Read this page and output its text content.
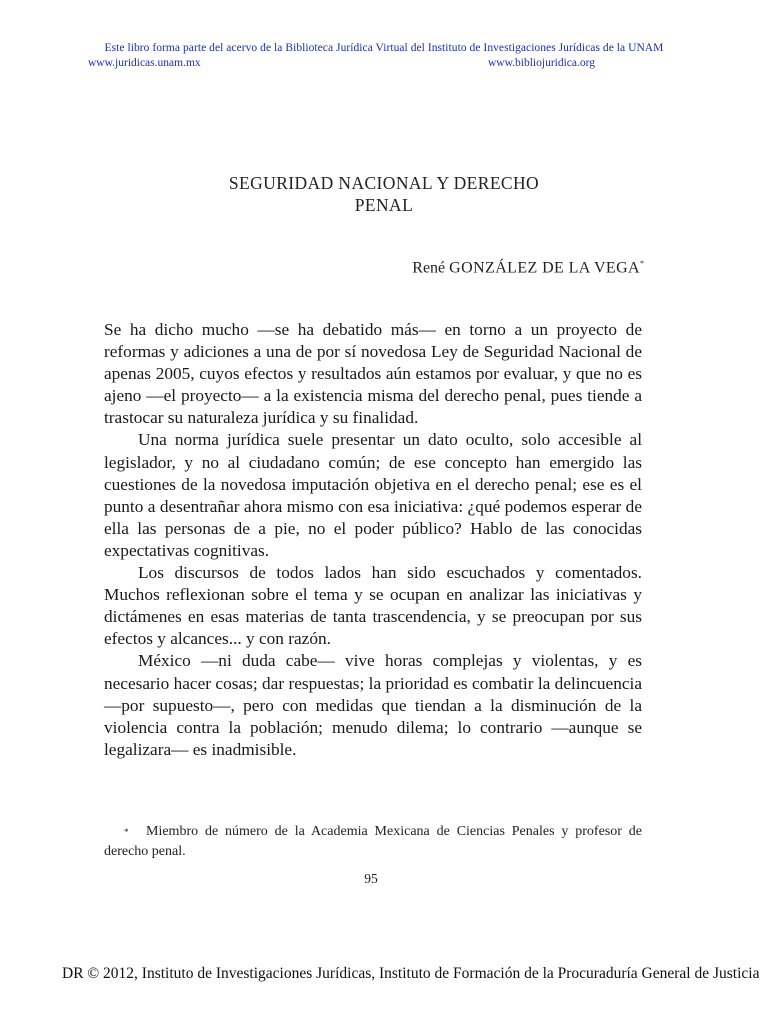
Este libro forma parte del acervo de la Biblioteca Jurídica Virtual del Instituto de Investigaciones Jurídicas de la UNAM
www.juridicas.unam.mx	www.bibliojuridica.org
SEGURIDAD NACIONAL Y DERECHO
PENAL
René GONZÁLEZ DE LA VEGA*

Se ha dicho mucho —se ha debatido más— en torno a un proyecto de reformas y adiciones a una de por sí novedosa Ley de Seguridad Nacional de apenas 2005, cuyos efectos y resultados aún estamos por evaluar, y que no es ajeno —el proyecto— a la existencia misma del derecho penal, pues tiende a trastocar su naturaleza jurídica y su finalidad.

Una norma jurídica suele presentar un dato oculto, solo accesible al legislador, y no al ciudadano común; de ese concepto han emergido las cuestiones de la novedosa imputación objetiva en el derecho penal; ese es el punto a desentrañar ahora mismo con esa iniciativa: ¿qué podemos esperar de ella las personas de a pie, no el poder público? Hablo de las conocidas expectativas cognitivas.

Los discursos de todos lados han sido escuchados y comentados. Muchos reflexionan sobre el tema y se ocupan en analizar las iniciativas y dictámenes en esas materias de tanta trascendencia, y se preocupan por sus efectos y alcances... y con razón.

México —ni duda cabe— vive horas complejas y violentas, y es necesario hacer cosas; dar respuestas; la prioridad es combatir la delincuencia —por supuesto—, pero con medidas que tiendan a la disminución de la violencia contra la población; menudo dilema; lo contrario —aunque se legalizara— es inadmisible.

* Miembro de número de la Academia Mexicana de Ciencias Penales y profesor de derecho penal.
95
DR © 2012, Instituto de Investigaciones Jurídicas, Instituto de Formación de la Procuraduría General de Justicia
